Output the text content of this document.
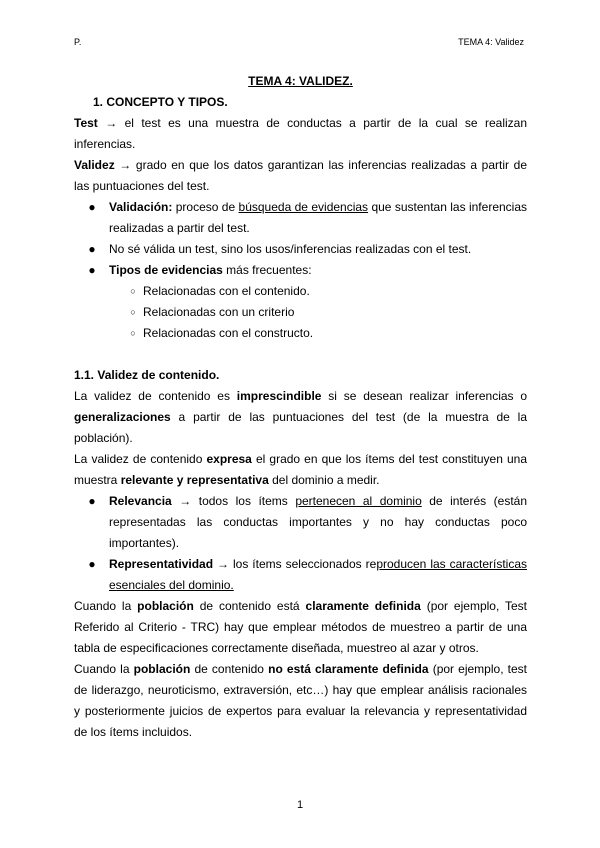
P.	TEMA 4: Validez
TEMA 4: VALIDEZ.
1. CONCEPTO Y TIPOS.
Test → el test es una muestra de conductas a partir de la cual se realizan inferencias.
Validez → grado en que los datos garantizan las inferencias realizadas a partir de las puntuaciones del test.
●	Validación: proceso de búsqueda de evidencias que sustentan las inferencias realizadas a partir del test.
●	No sé válida un test, sino los usos/inferencias realizadas con el test.
●	Tipos de evidencias más frecuentes:
○ Relacionadas con el contenido.
○ Relacionadas con un criterio
○ Relacionadas con el constructo.
1.1. Validez de contenido.
La validez de contenido es imprescindible si se desean realizar inferencias o generalizaciones a partir de las puntuaciones del test (de la muestra de la población).
La validez de contenido expresa el grado en que los ítems del test constituyen una muestra relevante y representativa del dominio a medir.
●	Relevancia → todos los ítems pertenecen al dominio de interés (están representadas las conductas importantes y no hay conductas poco importantes).
●	Representatividad → los ítems seleccionados reproducen las características esenciales del dominio.
Cuando la población de contenido está claramente definida (por ejemplo, Test Referido al Criterio - TRC) hay que emplear métodos de muestreo a partir de una tabla de especificaciones correctamente diseñada, muestreo al azar y otros.
Cuando la población de contenido no está claramente definida (por ejemplo, test de liderazgo, neuroticismo, extraversión, etc…) hay que emplear análisis racionales y posteriormente juicios de expertos para evaluar la relevancia y representatividad de los ítems incluidos.
1
